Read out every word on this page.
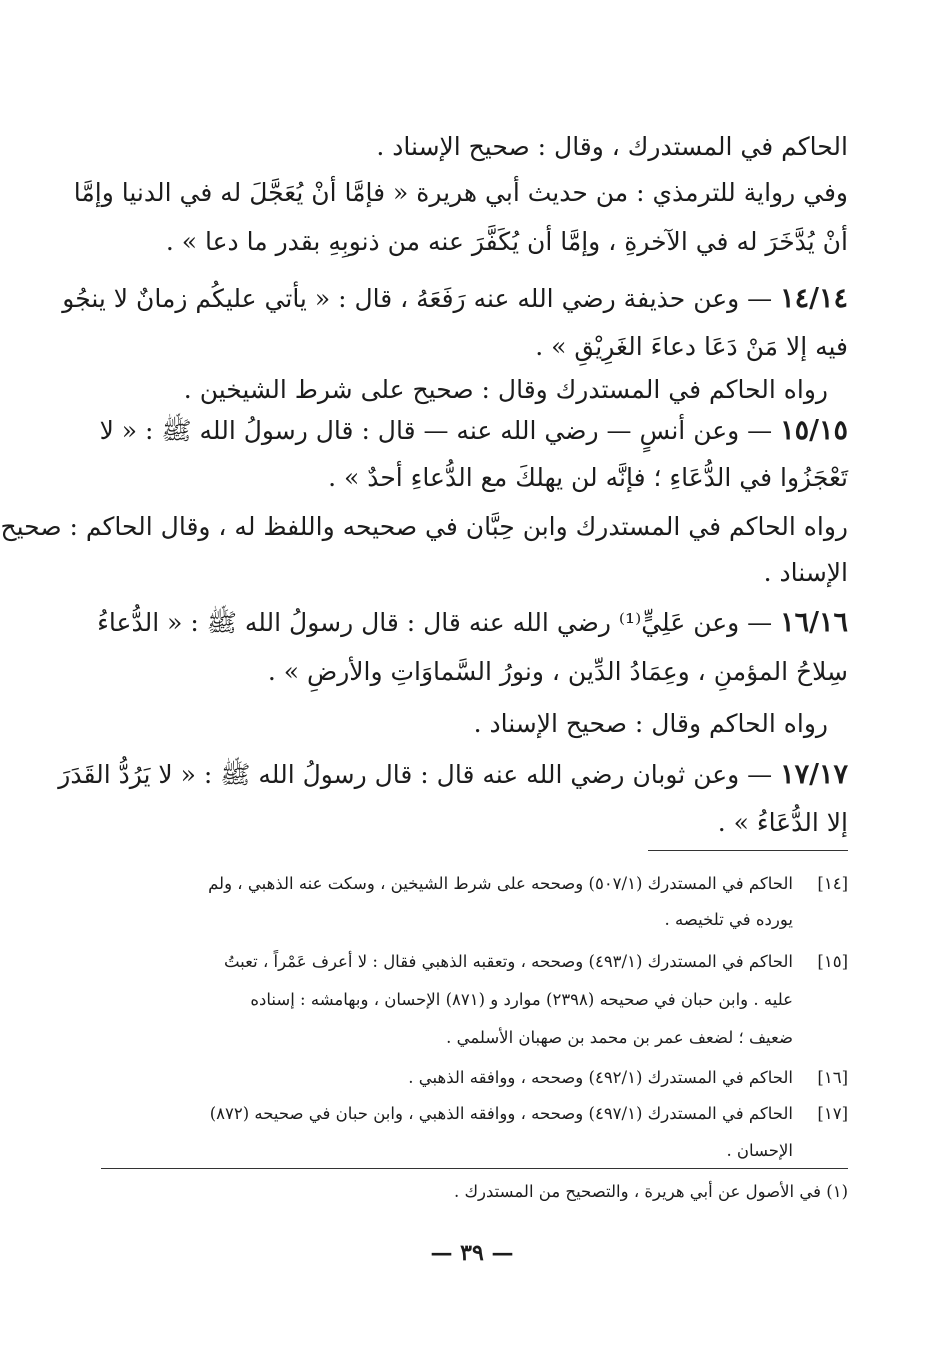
الحاكم في المستدرك ، وقال : صحيح الإسناد .
وفي رواية للترمذي : من حديث أبي هريرة « فإمَّا أنْ يُعَجَّلَ له في الدنيا وإمَّا
أنْ يُدَّخَرَ له في الآخرةِ ، وإمَّا أن يُكَفَّرَ عنه من ذنوبِهِ بقدر ما دعا » .
١٤/١٤ — وعن حذيفة رضي الله عنه رَفَعَهُ ، قال : « يأتي عليكُم زمانٌ لا ينجُو
فيه إلا مَنْ دَعَا دعاءَ الغَرِيْقِ » .
رواه الحاكم في المستدرك وقال : صحيح على شرط الشيخين .
١٥/١٥ — وعن أنسٍ — رضي الله عنه — قال : قال رسولُ الله ﷺ : « لا
تَعْجَزُوا في الدُّعَاءِ ؛ فإنَّه لن يهلكَ مع الدُّعاءِ أحدٌ » .
رواه الحاكم في المستدرك وابن حِبَّان في صحيحه واللفظ له ، وقال الحاكم : صحيح
الإسناد .
١٦/١٦ — وعن عَلِيٍّ⁽¹⁾ رضي الله عنه قال : قال رسولُ الله ﷺ : « الدُّعاءُ
سِلاحُ المؤمنِ ، وعِمَادُ الدِّين ، ونورُ السَّماوَاتِ والأرضِ » .
رواه الحاكم وقال : صحيح الإسناد .
١٧/١٧ — وعن ثوبان رضي الله عنه قال : قال رسولُ الله ﷺ : « لا يَرُدُّ القَدَرَ
إلا الدُّعَاءُ » .
[١٤]
الحاكم في المستدرك (٥٠٧/١) وصححه على شرط الشيخين ، وسكت عنه الذهبي ، ولم
يورده في تلخيصه .
[١٥]
الحاكم في المستدرك (٤٩٣/١) وصححه ، وتعقبه الذهبي فقال : لا أعرف عَمْراً ، تعبتُ
عليه . وابن حبان في صحيحه (٢٣٩٨) موارد و (٨٧١) الإحسان ، وبهامشه : إسناده
ضعيف ؛ لضعف عمر بن محمد بن صهبان الأسلمي .
[١٦]
الحاكم في المستدرك (٤٩٢/١) وصححه ، ووافقه الذهبي .
[١٧]
الحاكم في المستدرك (٤٩٧/١) وصححه ، ووافقه الذهبي ، وابن حبان في صحيحه (٨٧٢)
الإحسان .
(١) في الأصول عن أبي هريرة ، والتصحيح من المستدرك .
— ٣٩ —
